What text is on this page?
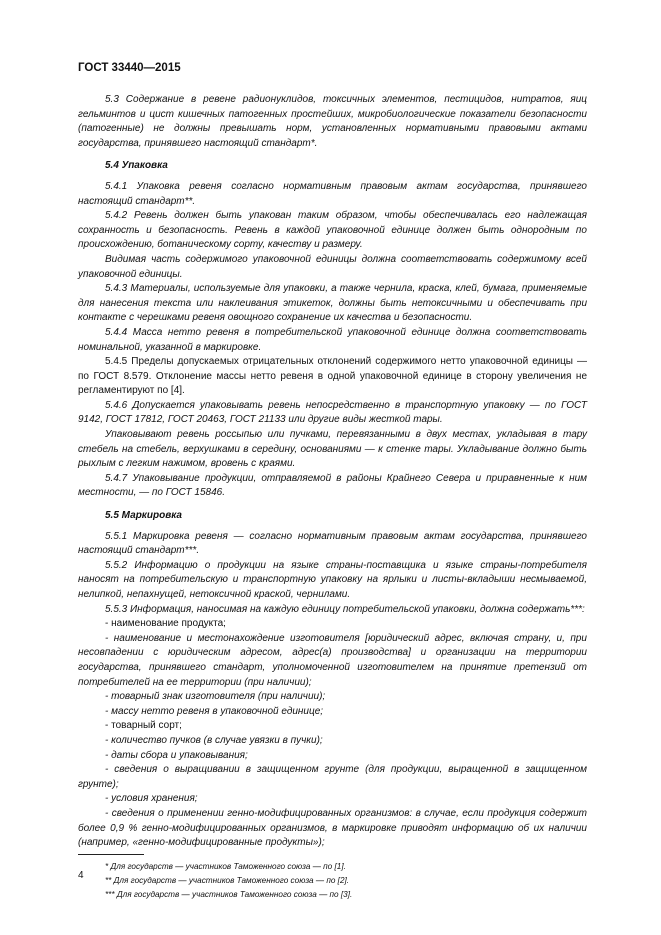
ГОСТ 33440—2015

5.3 Содержание в ревене радионуклидов, токсичных элементов, пестицидов, нитратов, яиц гельминтов и цист кишечных патогенных простейших, микробиологические показатели безопасности (патогенные) не должны превышать норм, установленных нормативными правовыми актами государства, принявшего настоящий стандарт*.

5.4 Упаковка

5.4.1 Упаковка ревеня согласно нормативным правовым актам государства, принявшего настоящий стандарт**.

5.4.2 Ревень должен быть упакован таким образом, чтобы обеспечивалась его надлежащая сохранность и безопасность. Ревень в каждой упаковочной единице должен быть однородным по происхождению, ботаническому сорту, качеству и размеру.

Видимая часть содержимого упаковочной единицы должна соответствовать содержимому всей упаковочной единицы.

5.4.3 Материалы, используемые для упаковки, а также чернила, краска, клей, бумага, применяемые для нанесения текста или наклеивания этикеток, должны быть нетоксичными и обеспечивать при контакте с черешками ревеня овощного сохранение их качества и безопасности.

5.4.4 Масса нетто ревеня в потребительской упаковочной единице должна соответствовать номинальной, указанной в маркировке.

5.4.5 Пределы допускаемых отрицательных отклонений содержимого нетто упаковочной единицы — по ГОСТ 8.579. Отклонение массы нетто ревеня в одной упаковочной единице в сторону увеличения не регламентируют по [4].

5.4.6 Допускается упаковывать ревень непосредственно в транспортную упаковку — по ГОСТ 9142, ГОСТ 17812, ГОСТ 20463, ГОСТ 21133 или другие виды жесткой тары.

Упаковывают ревень россыпью или пучками, перевязанными в двух местах, укладывая в тару стебель на стебель, верхушками в середину, основаниями — к стенке тары. Укладывание должно быть рыхлым с легким нажимом, вровень с краями.

5.4.7 Упаковывание продукции, отправляемой в районы Крайнего Севера и приравненные к ним местности, — по ГОСТ 15846.

5.5 Маркировка

5.5.1 Маркировка ревеня — согласно нормативным правовым актам государства, принявшего настоящий стандарт***.

5.5.2 Информацию о продукции на языке страны-поставщика и языке страны-потребителя наносят на потребительскую и транспортную упаковку на ярлыки и листы-вкладыши несмываемой, нелипкой, непахнущей, нетоксичной краской, чернилами.

5.5.3 Информация, наносимая на каждую единицу потребительской упаковки, должна содержать***:

- наименование продукта;

- наименование и местонахождение изготовителя [юридический адрес, включая страну, и, при несовпадении с юридическим адресом, адрес(а) производства] и организации на территории государства, принявшего стандарт, уполномоченной изготовителем на принятие претензий от потребителей на ее территории (при наличии);

- товарный знак изготовителя (при наличии);

- массу нетто ревеня в упаковочной единице;

- товарный сорт;

- количество пучков (в случае увязки в пучки);

- даты сбора и упаковывания;

- сведения о выращивании в защищенном грунте (для продукции, выращенной в защищенном грунте);

- условия хранения;

- сведения о применении генно-модифицированных организмов: в случае, если продукция содержит более 0,9 % генно-модифицированных организмов, в маркировке приводят информацию об их наличии (например, «генно-модифицированные продукты»);

* Для государств — участников Таможенного союза — по [1].

** Для государств — участников Таможенного союза — по [2].

*** Для государств — участников Таможенного союза — по [3].

4
